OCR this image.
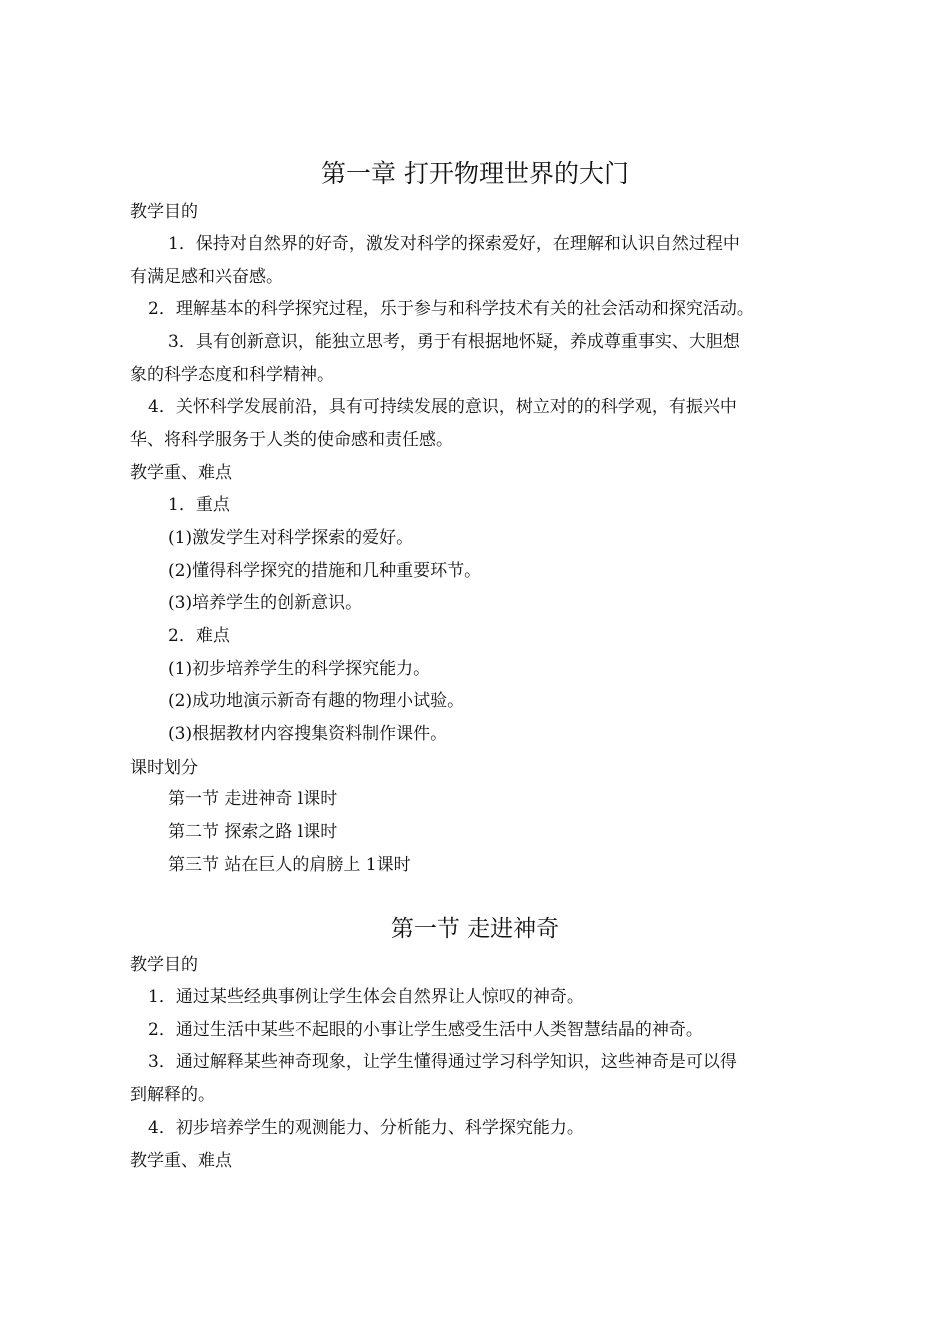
第一章 打开物理世界的大门
教学目的
1．保持对自然界的好奇，激发对科学的探索爱好，在理解和认识自然过程中
有满足感和兴奋感。
2．理解基本的科学探究过程，乐于参与和科学技术有关的社会活动和探究活动。
3．具有创新意识，能独立思考，勇于有根据地怀疑，养成尊重事实、大胆想
象的科学态度和科学精神。
4．关怀科学发展前沿，具有可持续发展的意识，树立对的的科学观，有振兴中
华、将科学服务于人类的使命感和责任感。
教学重、难点
1．重点
(1)激发学生对科学探索的爱好。
(2)懂得科学探究的措施和几种重要环节。
(3)培养学生的创新意识。
2．难点
(1)初步培养学生的科学探究能力。
(2)成功地演示新奇有趣的物理小试验。
(3)根据教材内容搜集资料制作课件。
课时划分
第一节 走进神奇 l课时
第二节 探索之路 l课时
第三节 站在巨人的肩膀上 1课时
第一节 走进神奇
教学目的
1．通过某些经典事例让学生体会自然界让人惊叹的神奇。
2．通过生活中某些不起眼的小事让学生感受生活中人类智慧结晶的神奇。
3．通过解释某些神奇现象，让学生懂得通过学习科学知识，这些神奇是可以得
到解释的。
4．初步培养学生的观测能力、分析能力、科学探究能力。
教学重、难点
